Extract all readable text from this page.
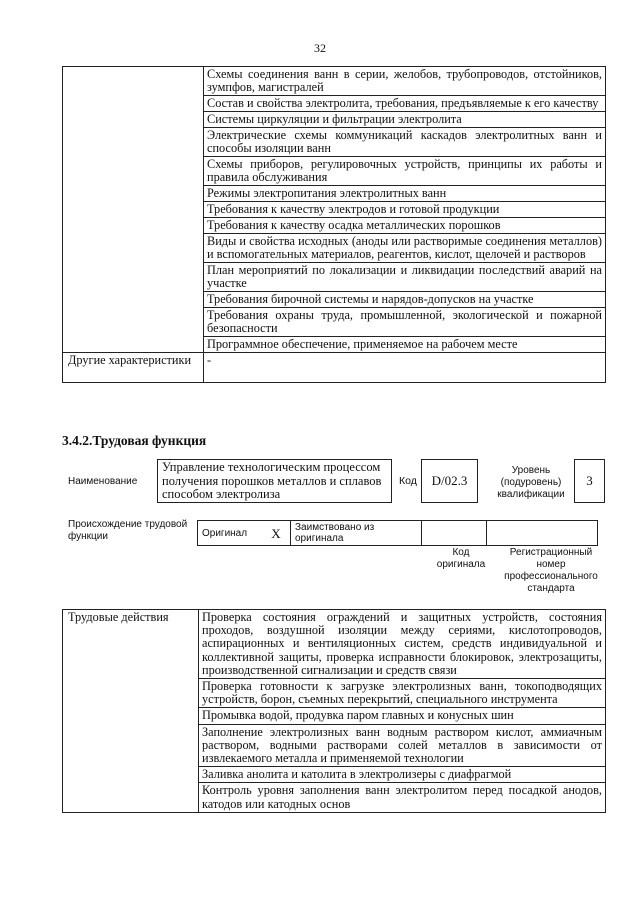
32
	Схемы соединения ванн в серии, желобов, трубопроводов, отстойников, зумпфов, магистралей
	Состав и свойства электролита, требования, предъявляемые к его качеству
	Системы циркуляции и фильтрации электролита
	Электрические схемы коммуникаций каскадов электролитных ванн и способы изоляции ванн
	Схемы приборов, регулировочных устройств, принципы их работы и правила обслуживания
	Режимы электропитания электролитных ванн
	Требования к качеству электродов и готовой продукции
	Требования к качеству осадка металлических порошков
	Виды и свойства исходных (аноды или растворимые соединения металлов) и вспомогательных материалов, реагентов, кислот, щелочей и растворов
	План мероприятий по локализации и ликвидации последствий аварий на участке
	Требования бирочной системы и нарядов-допусков на участке
	Требования охраны труда, промышленной, экологической и пожарной безопасности
	Программное обеспечение, применяемое на рабочем месте
Другие характеристики	-
3.4.2.Трудовая функция
Наименование
Управление технологическим процессом получения порошков металлов и сплавов способом электролиза
Код	D/02.3
Уровень (подуровень) квалификации
3
Происхождение трудовой функции	Оригинал	X	Заимствовано из оригинала		
Код оригинала
Регистрационный номер профессионального стандарта
Трудовые действия	Проверка состояния ограждений и защитных устройств, состояния проходов, воздушной изоляции между сериями, кислотопроводов, аспирационных и вентиляционных систем, средств индивидуальной и коллективной защиты, проверка исправности блокировок, электрозащиты, производственной сигнализации и средств связи
Проверка готовности к загрузке электролизных ванн, токоподводящих устройств, борон, съемных перекрытий, специального инструмента
Промывка водой, продувка паром главных и конусных шин
Заполнение электролизных ванн водным раствором кислот, аммиачным раствором, водными растворами солей металлов в зависимости от извлекаемого металла и применяемой технологии
Заливка анолита и католита в электролизеры с диафрагмой
Контроль уровня заполнения ванн электролитом перед посадкой анодов, катодов или катодных основ
